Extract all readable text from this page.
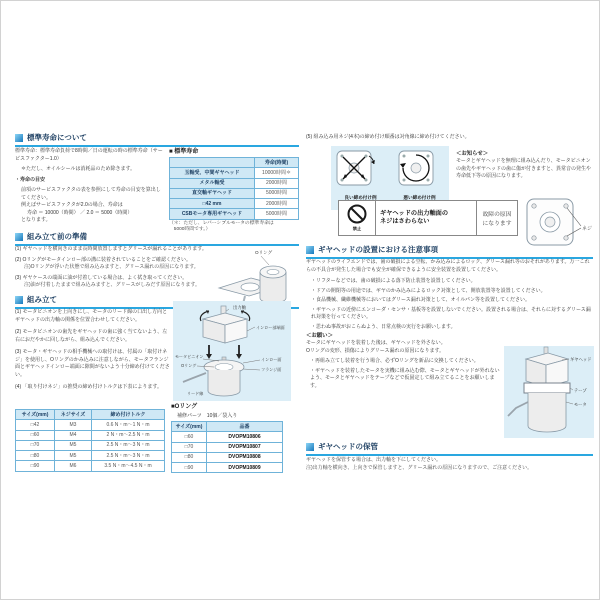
標準寿命について

標準寿命：標準寿命負荷で8時間／日の運転の時の標準寿命（サービスファクター1.0）

＊ただし、オイルシールは消耗品のため除きます。

・寿命の目安

前項のサービスファクタの表を参照にして寿命の目安を算出してください。

例えばサービスファクタが2.0の場合、寿命は

寿命 ＝ 10000（時間） ／ 2.0 ＝ 5000（時間）

となります。

■ 標準寿命
	寿命(時間)
玉軸受、中間ギヤヘッド	10000時間＊
メタル軸受	2000時間
直交軸ギヤヘッド	5000時間
□42 mm	2000時間
CSBモータ専用ギヤヘッド	5000時間
（＊：ただし、レバーシブルモータの標準寿命は
　5000時間です。）
組み立て前の準備

(1) ギヤヘッドを横向きのまま長時間放置しますとグリースが漏れることがあります。

(2) Oリングがモータインロー部の溝に装着されていることをご確認ください。

注)Oリングが浮いた状態で組み込みますと、グリース漏れの原因になります。

(3) ギヤケースの端面に油が付着している場合は、よく拭き取ってください。

注)油が付着したままで組み込みますと、グリースがしみだす原因になります。

Oリング
組み立て

(1) モータピニオンを上向きにし、モータのリード線の口出し方向とギヤヘッドの出力軸の関係を位置合わせしてください。

(2) モータピニオンの歯先をギヤヘッドの歯に強く当てないよう、左右におだやかに回しながら、組み込んでください。

(3) モータ・ギヤヘッドの相手機械への取付けは、付属の「取付けネジ」を使用し、Oリングのかみ込みに注意しながら、モータフランジ面とギヤヘッドインロー端面に隙間がないよう十分締め付けてください。

(4) 「取り付けネジ」の推奨の締め付けトルクは下表によります。

出力軸
インロー部端面
モータピニオン
Oリング
インロー面
フランジ面
リード線
サイズ(mm)	ネジサイズ	締め付けトルク
□42	M3	0.6 N・m〜1 N・m
□60	M4	2 N・m〜2.5 N・m
□70	M5	2.5 N・m〜3 N・m
□80	M5	2.5 N・m〜3 N・m
□90	M6	3.5 N・m〜4.5 N・m
■Oリング
補修パーツ　10個／袋入り
サイズ(mm)	品番
□60	DVOPM10806
□70	DVOPM10807
□80	DVOPM10808
□90	DVOPM10809
(5) 組み込み用ネジ(4本)の締め付け順番は対角線に締め付けてください。
良い締め付け例	悪い締め付け例
＜お知らせ＞
モータとギヤヘッドを無理に組み込んだり、モータピニオンの歯先やギヤヘッドの歯に傷が付きますと、異常音の発生や寿命低下等の原因になります。
禁止
ギヤヘッドの出力軸面の
ネジはさわらない
故障の原因になります
ネジ
ギヤヘッドの設置における注意事項
ギヤヘッドのライフエンドでは、歯の破損による空転、かみ込みによるロック、グリース漏れ等のおそれがあります。万一これらの不具合が発生した場合でも安全が確保できるように安全装置を設置してください。

・リフターなどでは、歯の破損による落下防止装置を設置してください。

・ドアの開閉等の用途では、ギヤのかみ込みによるロック対策として、開放装置等を設置してください。

・食品機械、繊維機械等においてはグリース漏れ対策として、オイルパン等を設置してください。

・ギヤヘッドの近傍にエンコーダ・センサ・基板等を設置しないでください。設置される場合は、それらに対するグリース漏れ対策を行ってください。

・思わぬ事故がおこらぬよう、日常点検の実行をお願いします。

＜お願い＞

モータにギヤヘッドを装着した後は、ギヤヘッドを外さない。

Oリングの変形、損傷によりグリース漏れの原因になります。

・再組み立てし装着を行う場合、必ずOリングを新品に交換してください。

・ギヤヘッドを装着したモータを実機に組み込む際、モータとギヤヘッドが外れないよう、モータとギヤヘッドをテープなどで仮固定して組み立てることをお願いします。

ギヤヘッド
テープ
モータ
ギヤヘッドの保管

ギヤヘッドを保管する場合は、出力軸を下にしてください。

注)出力軸を横向き、上向きで保管しますと、グリース漏れの原因になりますので、ご注意ください。
